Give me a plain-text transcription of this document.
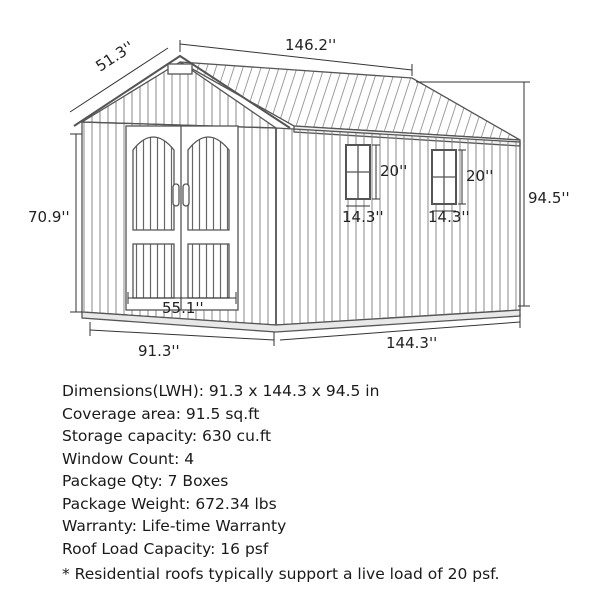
146.2''
51.3''
70.9''
94.5''
20''	20''
14.3''	14.3''
55.1''
91.3''	144.3''
Dimensions(LWH): 91.3 x 144.3 x 94.5 in
Coverage area: 91.5 sq.ft
Storage capacity: 630 cu.ft
Window Count: 4
Package Qty: 7 Boxes
Package Weight: 672.34 lbs
Warranty: Life-time Warranty
Roof Load Capacity: 16 psf

* Residential roofs typically support a live load of 20 psf.
